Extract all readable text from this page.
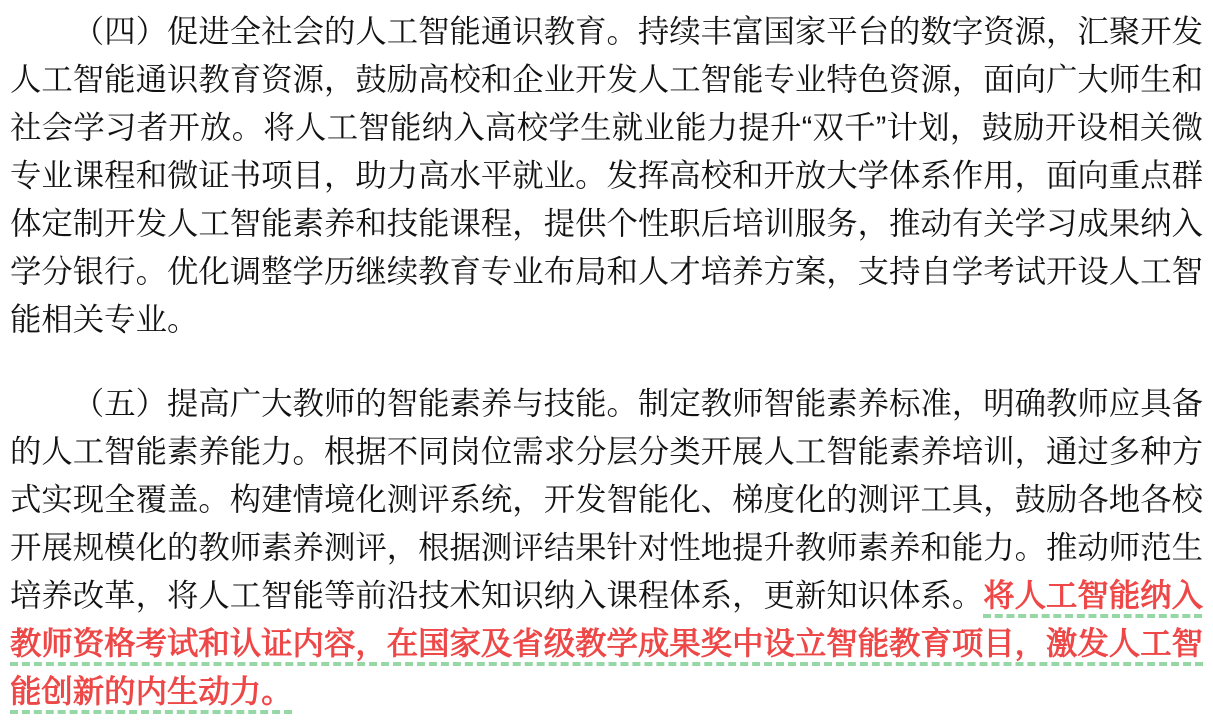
（四）促进全社会的人工智能通识教育。持续丰富国家平台的数字资源，汇聚开发人工智能通识教育资源，鼓励高校和企业开发人工智能专业特色资源，面向广大师生和社会学习者开放。将人工智能纳入高校学生就业能力提升“双千”计划，鼓励开设相关微专业课程和微证书项目，助力高水平就业。发挥高校和开放大学体系作用，面向重点群体定制开发人工智能素养和技能课程，提供个性职后培训服务，推动有关学习成果纳入学分银行。优化调整学历继续教育专业布局和人才培养方案，支持自学考试开设人工智能相关专业。

（五）提高广大教师的智能素养与技能。制定教师智能素养标准，明确教师应具备的人工智能素养能力。根据不同岗位需求分层分类开展人工智能素养培训，通过多种方式实现全覆盖。构建情境化测评系统，开发智能化、梯度化的测评工具，鼓励各地各校开展规模化的教师素养测评，根据测评结果针对性地提升教师素养和能力。推动师范生培养改革，将人工智能等前沿技术知识纳入课程体系，更新知识体系。将人工智能纳入教师资格考试和认证内容，在国家及省级教学成果奖中设立智能教育项目，激发人工智能创新的内生动力。
